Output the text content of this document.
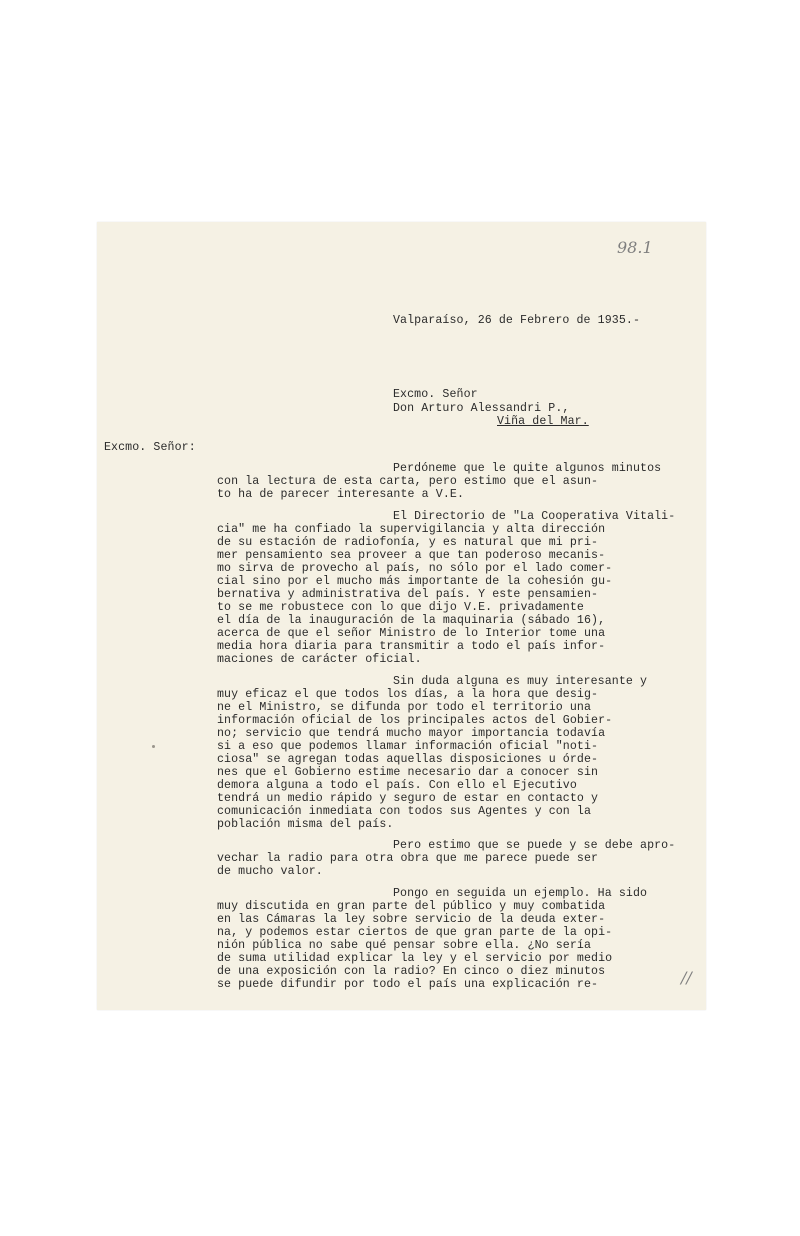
98.1
Valparaíso, 26 de Febrero de 1935.-
Excmo. Señor
Don Arturo Alessandri P.,
Viña del Mar.
Excmo. Señor:
Perdóneme que le quite algunos minutos
con la lectura de esta carta, pero estimo que el asun-
to ha de parecer interesante a V.E.
El Directorio de "La Cooperativa Vitali-
cia" me ha confiado la supervigilancia y alta dirección
de su estación de radiofonía, y es natural que mi pri-
mer pensamiento sea proveer a que tan poderoso mecanis-
mo sirva de provecho al país, no sólo por el lado comer-
cial sino por el mucho más importante de la cohesión gu-
bernativa y administrativa del país. Y este pensamien-
to se me robustece con lo que dijo V.E. privadamente
el día de la inauguración de la maquinaria (sábado 16),
acerca de que el señor Ministro de lo Interior tome una
media hora diaria para transmitir a todo el país infor-
maciones de carácter oficial.
Sin duda alguna es muy interesante y
muy eficaz el que todos los días, a la hora que desig-
ne el Ministro, se difunda por todo el territorio una
información oficial de los principales actos del Gobier-
no; servicio que tendrá mucho mayor importancia todavía
si a eso que podemos llamar información oficial "noti-
ciosa" se agregan todas aquellas disposiciones u órde-
nes que el Gobierno estime necesario dar a conocer sin
demora alguna a todo el país. Con ello el Ejecutivo
tendrá un medio rápido y seguro de estar en contacto y
comunicación inmediata con todos sus Agentes y con la
población misma del país.
Pero estimo que se puede y se debe apro-
vechar la radio para otra obra que me parece puede ser
de mucho valor.
Pongo en seguida un ejemplo. Ha sido
muy discutida en gran parte del público y muy combatida
en las Cámaras la ley sobre servicio de la deuda exter-
na, y podemos estar ciertos de que gran parte de la opi-
nión pública no sabe qué pensar sobre ella. ¿No sería
de suma utilidad explicar la ley y el servicio por medio
de una exposición con la radio? En cinco o diez minutos
se puede difundir por todo el país una explicación re-	//
